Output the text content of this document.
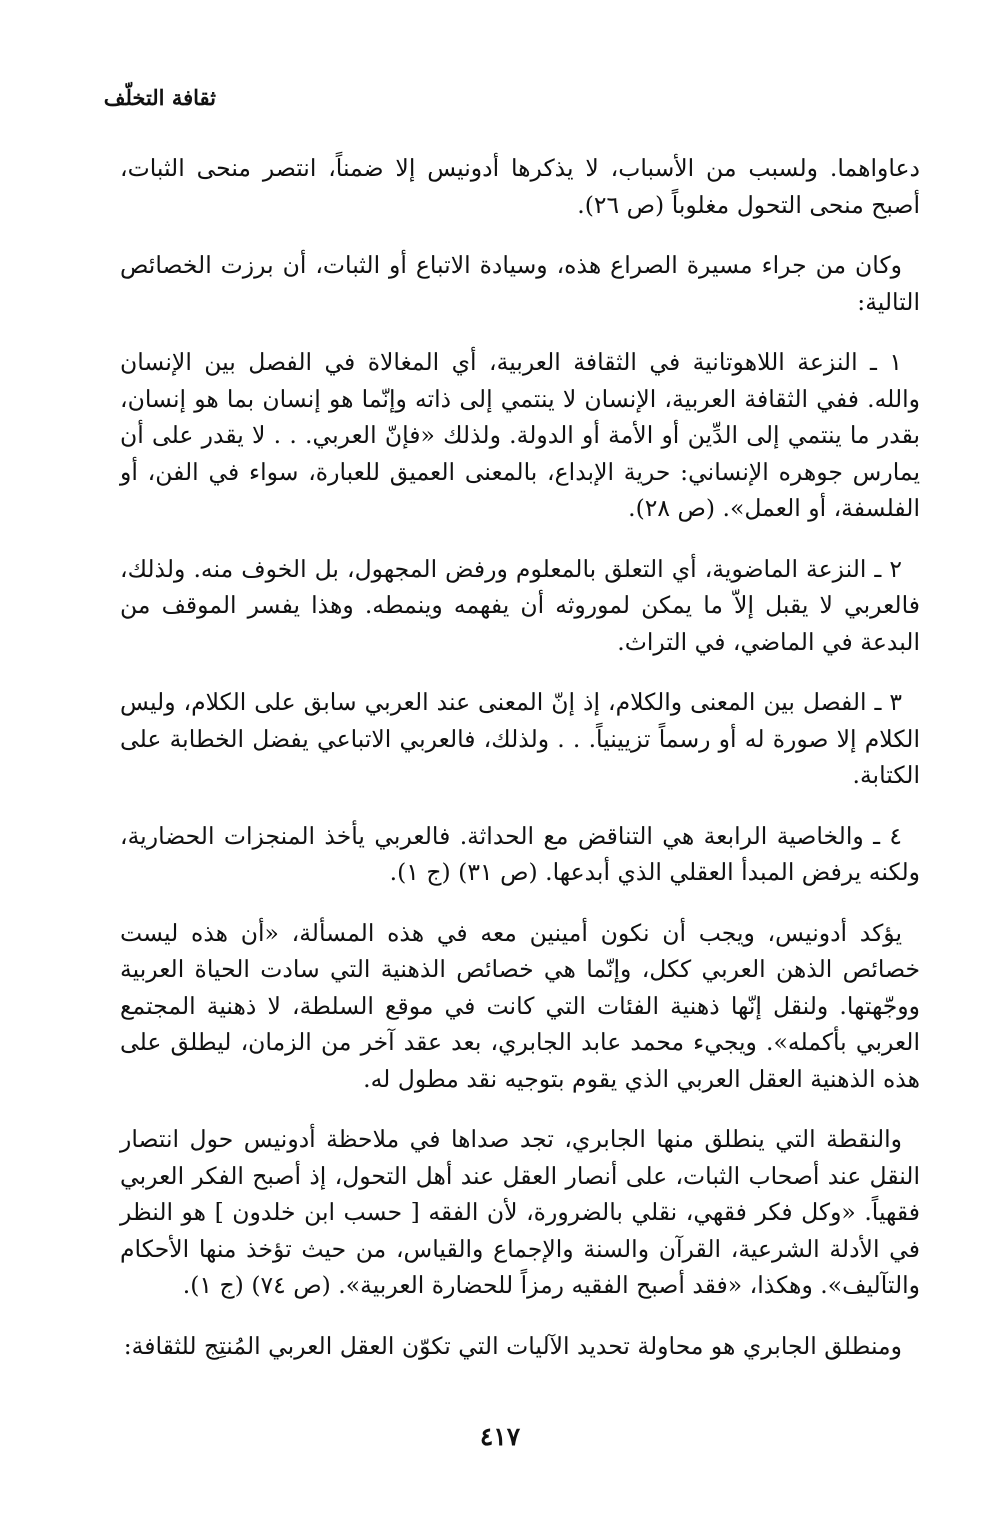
ثقافة التخلّف

دعاواهما. ولسبب من الأسباب، لا يذكرها أدونيس إلا ضمناً، انتصر منحى الثبات، أصبح منحى التحول مغلوباً (ص ٢٦).

وكان من جراء مسيرة الصراع هذه، وسيادة الاتباع أو الثبات، أن برزت الخصائص التالية:

١ ـ النزعة اللاهوتانية في الثقافة العربية، أي المغالاة في الفصل بين الإنسان والله. ففي الثقافة العربية، الإنسان لا ينتمي إلى ذاته وإنّما هو إنسان بما هو إنسان، بقدر ما ينتمي إلى الدِّين أو الأمة أو الدولة. ولذلك «فإنّ العربي. . . لا يقدر على أن يمارس جوهره الإنساني: حرية الإبداع، بالمعنى العميق للعبارة، سواء في الفن، أو الفلسفة، أو العمل». (ص ٢٨).

٢ ـ النزعة الماضوية، أي التعلق بالمعلوم ورفض المجهول، بل الخوف منه. ولذلك، فالعربي لا يقبل إلاّ ما يمكن لموروثه أن يفهمه وينمطه. وهذا يفسر الموقف من البدعة في الماضي، في التراث.

٣ ـ الفصل بين المعنى والكلام، إذ إنّ المعنى عند العربي سابق على الكلام، وليس الكلام إلا صورة له أو رسماً تزيينياً. . . ولذلك، فالعربي الاتباعي يفضل الخطابة على الكتابة.

٤ ـ والخاصية الرابعة هي التناقض مع الحداثة. فالعربي يأخذ المنجزات الحضارية، ولكنه يرفض المبدأ العقلي الذي أبدعها. (ص ٣١) (ج ١).

يؤكد أدونيس، ويجب أن نكون أمينين معه في هذه المسألة، «أن هذه ليست خصائص الذهن العربي ككل، وإنّما هي خصائص الذهنية التي سادت الحياة العربية ووجّهتها. ولنقل إنّها ذهنية الفئات التي كانت في موقع السلطة، لا ذهنية المجتمع العربي بأكمله». ويجيء محمد عابد الجابري، بعد عقد آخر من الزمان، ليطلق على هذه الذهنية العقل العربي الذي يقوم بتوجيه نقد مطول له.

والنقطة التي ينطلق منها الجابري، تجد صداها في ملاحظة أدونيس حول انتصار النقل عند أصحاب الثبات، على أنصار العقل عند أهل التحول، إذ أصبح الفكر العربي فقهياً. «وكل فكر فقهي، نقلي بالضرورة، لأن الفقه [ حسب ابن خلدون ] هو النظر في الأدلة الشرعية، القرآن والسنة والإجماع والقياس، من حيث تؤخذ منها الأحكام والتآليف». وهكذا، «فقد أصبح الفقيه رمزاً للحضارة العربية». (ص ٧٤) (ج ١).

ومنطلق الجابري هو محاولة تحديد الآليات التي تكوّن العقل العربي المُنتِج للثقافة:

٤١٧
